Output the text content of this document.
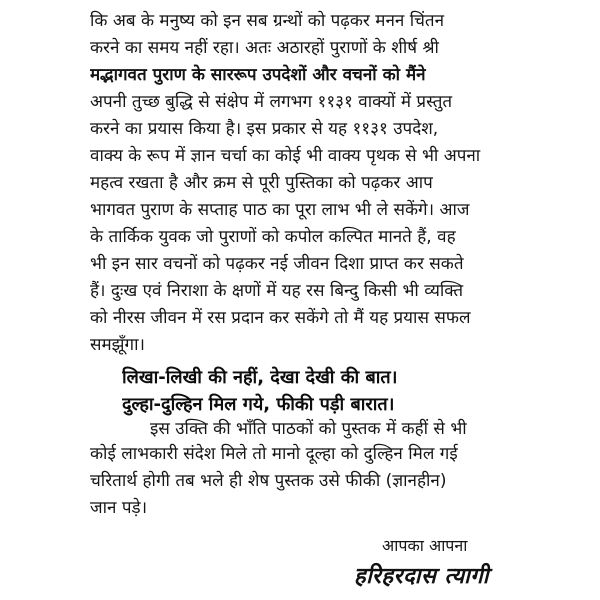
कि अब के मनुष्य को इन सब ग्रन्थों को पढ़कर मनन चिंतन
करने का समय नहीं रहा। अतः अठारहों पुराणों के शीर्ष श्री
मद्भागवत पुराण के साररूप उपदेशों और वचनों को मैंने
अपनी तुच्छ बुद्धि से संक्षेप में लगभग ११३१ वाक्यों में प्रस्तुत
करने का प्रयास किया है। इस प्रकार से यह ११३१ उपदेश,
वाक्य के रूप में ज्ञान चर्चा का कोई भी वाक्य पृथक से भी अपना
महत्व रखता है और क्रम से पूरी पुस्तिका को पढ़कर आप
भागवत पुराण के सप्ताह पाठ का पूरा लाभ भी ले सकेंगे। आज
के तार्किक युवक जो पुराणों को कपोल कल्पित मानते हैं, वह
भी इन सार वचनों को पढ़कर नई जीवन दिशा प्राप्त कर सकते
हैं। दुःख एवं निराशा के क्षणों में यह रस बिन्दु किसी भी व्यक्ति
को नीरस जीवन में रस प्रदान कर सकेंगे तो मैं यह प्रयास सफल
समझूँगा।
लिखा-लिखी की नहीं, देखा देखी की बात।
दुल्हा-दुल्हिन मिल गये, फीकी पड़ी बारात।
इस उक्ति की भाँति पाठकों को पुस्तक में कहीं से भी
कोई लाभकारी संदेश मिले तो मानो दूल्हा को दुल्हिन मिल गई
चरितार्थ होगी तब भले ही शेष पुस्तक उसे फीकी (ज्ञानहीन)
जान पड़े।
आपका आपना
हरिहरदास त्यागी
